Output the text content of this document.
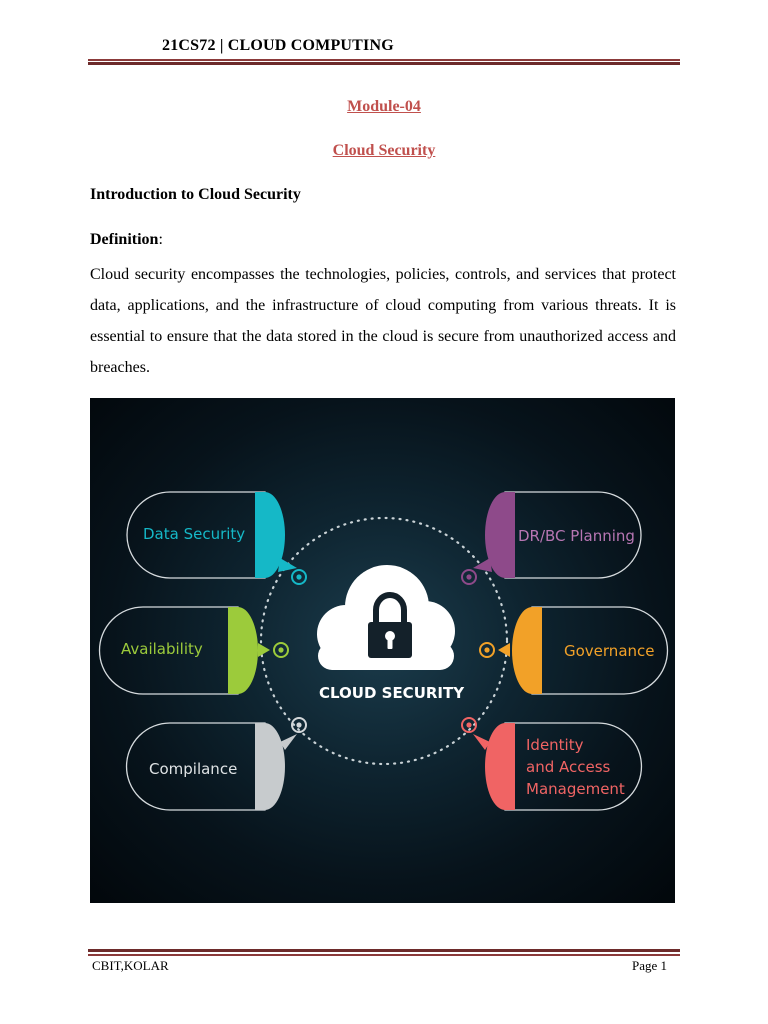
21CS72 | CLOUD COMPUTING
Module-04
Cloud Security
Introduction to Cloud Security
Definition:
Cloud security encompasses the technologies, policies, controls, and services that protect data, applications, and the infrastructure of cloud computing from various threats. It is essential to ensure that the data stored in the cloud is secure from unauthorized access and breaches.
CLOUD SECURITY
Data Security
Availability
Compilance
DR/BC Planning
Governance
Identity
and Access
Management
CBIT,KOLAR	Page 1
